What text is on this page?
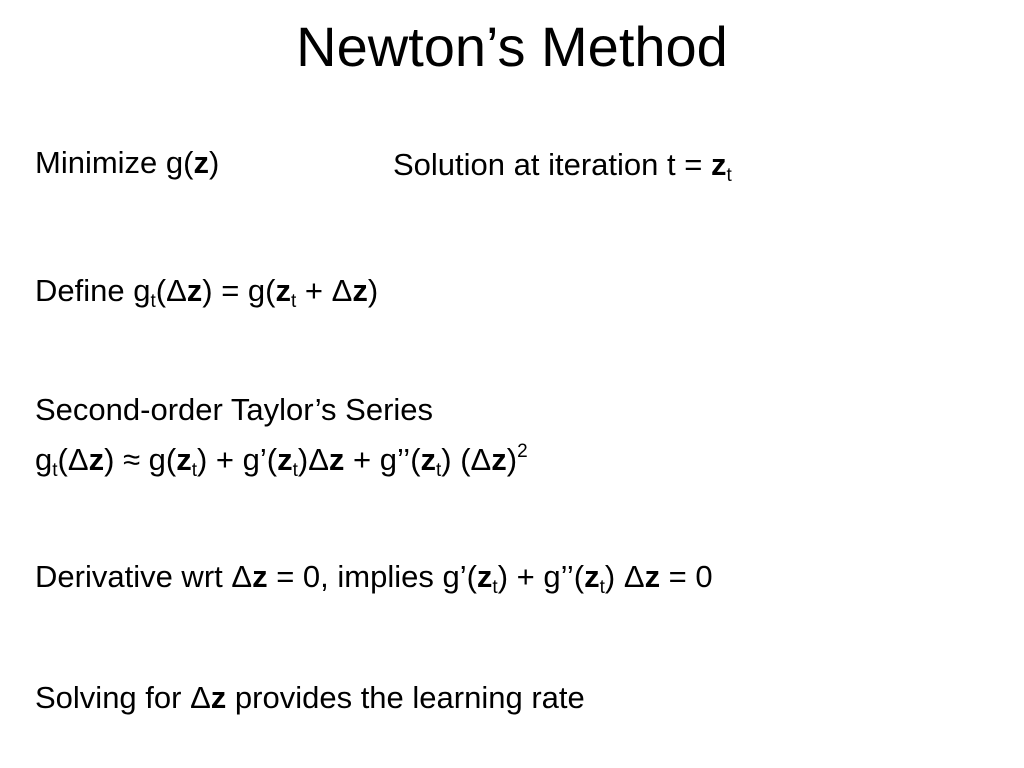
Newton’s Method
Minimize g(z)	Solution at iteration $t = z_t$
Define $g_t(\Delta z) = g(z_t + \Delta z)$
Second-order Taylor’s Series
$g_t(\Delta z) \approx g(z_t)$ + $g’(z_t)\Delta z$ + $g’’(z_t)$ $(\Delta z)^2$
Derivative wrt Δz = 0, implies $g’(z_t)$ + $g’’(z_t) \Delta z = 0$
Solving for Δz provides the learning rate
